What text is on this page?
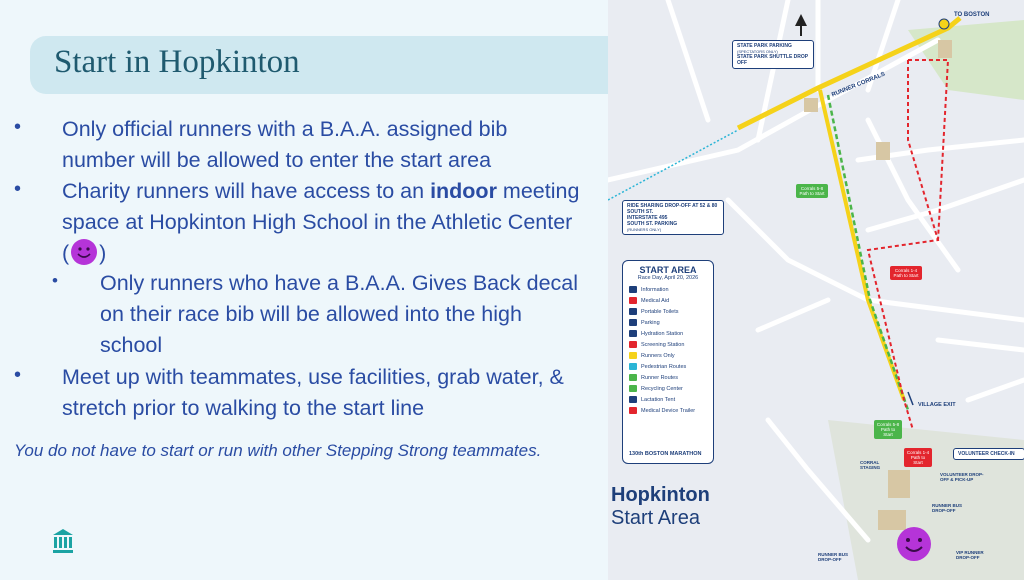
Start in Hopkinton
• Only official runners with a B.A.A. assigned bib number will be allowed to enter the start area
• Charity runners will have access to an indoor meeting space at Hopkinton High School in the Athletic Center ( )
• Only runners who have a B.A.A. Gives Back decal on their race bib will be allowed into the high school
• Meet up with teammates, use facilities, grab water, & stretch prior to walking to the start line
You do not have to start or run with other Stepping Strong teammates.
TO BOSTON
STATE PARK PARKING
(SPECTATORS ONLY)
STATE PARK SHUTTLE DROP OFF
RUNNER CORRALS
RIDE SHARING DROP-OFF AT 52 & 80 SOUTH ST.
INTERSTATE 495
SOUTH ST. PARKING
(RUNNERS ONLY)
START AREA
Race Day, April 20, 2026
Information
Medical Aid
Portable Toilets
Parking
Hydration Station
Screening Station
Runners Only
Pedestrian Routes
Runner Routes
Recycling Center
Lactation Tent
Medical Device Trailer
130th BOSTON MARATHON
Corrals 5-8 Path to Start
Corrals 1-4 Path to Start
Corrals 5-8 Path to Start
Corrals 1-4 Path to Start
VILLAGE EXIT
VOLUNTEER CHECK-IN
VOLUNTEER DROP-OFF & PICK-UP
RUNNER BUS DROP-OFF
RUNNER BUS DROP-OFF
VIP RUNNER DROP-OFF
CORRAL STAGING
Hopkinton
Start Area
